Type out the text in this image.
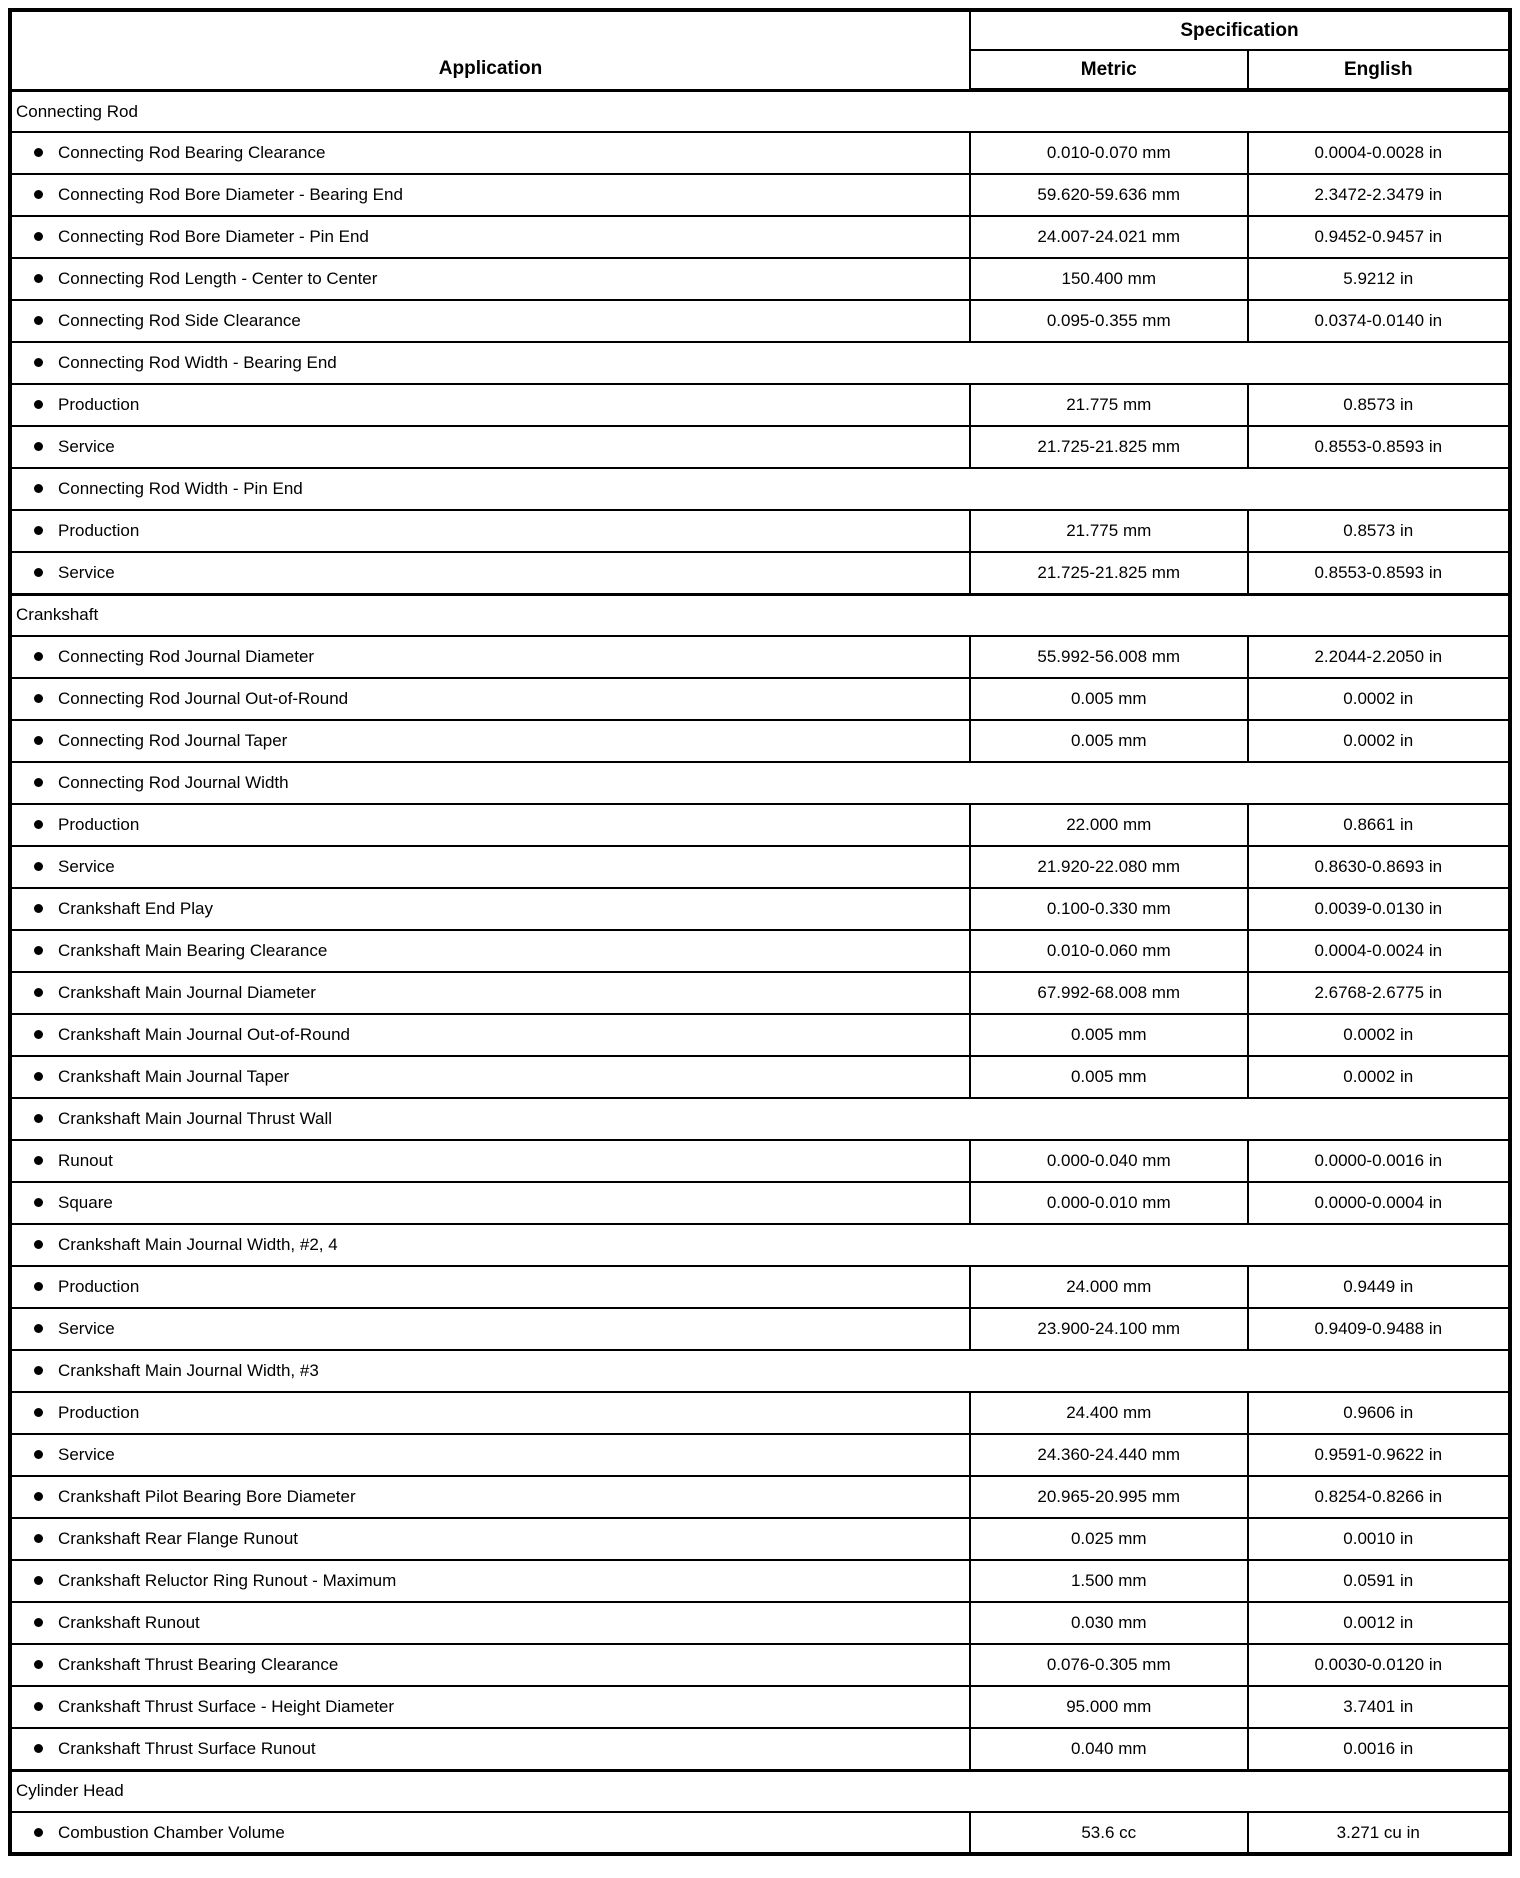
Application	Specification	
	Metric	English
Connecting Rod		
Connecting Rod Bearing Clearance	0.010-0.070 mm	0.0004-0.0028 in
Connecting Rod Bore Diameter - Bearing End	59.620-59.636 mm	2.3472-2.3479 in
Connecting Rod Bore Diameter - Pin End	24.007-24.021 mm	0.9452-0.9457 in
Connecting Rod Length - Center to Center	150.400 mm	5.9212 in
Connecting Rod Side Clearance	0.095-0.355 mm	0.0374-0.0140 in
Connecting Rod Width - Bearing End		
Production	21.775 mm	0.8573 in
Service	21.725-21.825 mm	0.8553-0.8593 in
Connecting Rod Width - Pin End		
Production	21.775 mm	0.8573 in
Service	21.725-21.825 mm	0.8553-0.8593 in
Crankshaft		
Connecting Rod Journal Diameter	55.992-56.008 mm	2.2044-2.2050 in
Connecting Rod Journal Out-of-Round	0.005 mm	0.0002 in
Connecting Rod Journal Taper	0.005 mm	0.0002 in
Connecting Rod Journal Width		
Production	22.000 mm	0.8661 in
Service	21.920-22.080 mm	0.8630-0.8693 in
Crankshaft End Play	0.100-0.330 mm	0.0039-0.0130 in
Crankshaft Main Bearing Clearance	0.010-0.060 mm	0.0004-0.0024 in
Crankshaft Main Journal Diameter	67.992-68.008 mm	2.6768-2.6775 in
Crankshaft Main Journal Out-of-Round	0.005 mm	0.0002 in
Crankshaft Main Journal Taper	0.005 mm	0.0002 in
Crankshaft Main Journal Thrust Wall		
Runout	0.000-0.040 mm	0.0000-0.0016 in
Square	0.000-0.010 mm	0.0000-0.0004 in
Crankshaft Main Journal Width, #2, 4		
Production	24.000 mm	0.9449 in
Service	23.900-24.100 mm	0.9409-0.9488 in
Crankshaft Main Journal Width, #3		
Production	24.400 mm	0.9606 in
Service	24.360-24.440 mm	0.9591-0.9622 in
Crankshaft Pilot Bearing Bore Diameter	20.965-20.995 mm	0.8254-0.8266 in
Crankshaft Rear Flange Runout	0.025 mm	0.0010 in
Crankshaft Reluctor Ring Runout - Maximum	1.500 mm	0.0591 in
Crankshaft Runout	0.030 mm	0.0012 in
Crankshaft Thrust Bearing Clearance	0.076-0.305 mm	0.0030-0.0120 in
Crankshaft Thrust Surface - Height Diameter	95.000 mm	3.7401 in
Crankshaft Thrust Surface Runout	0.040 mm	0.0016 in
Cylinder Head		
Combustion Chamber Volume	53.6 cc	3.271 cu in
